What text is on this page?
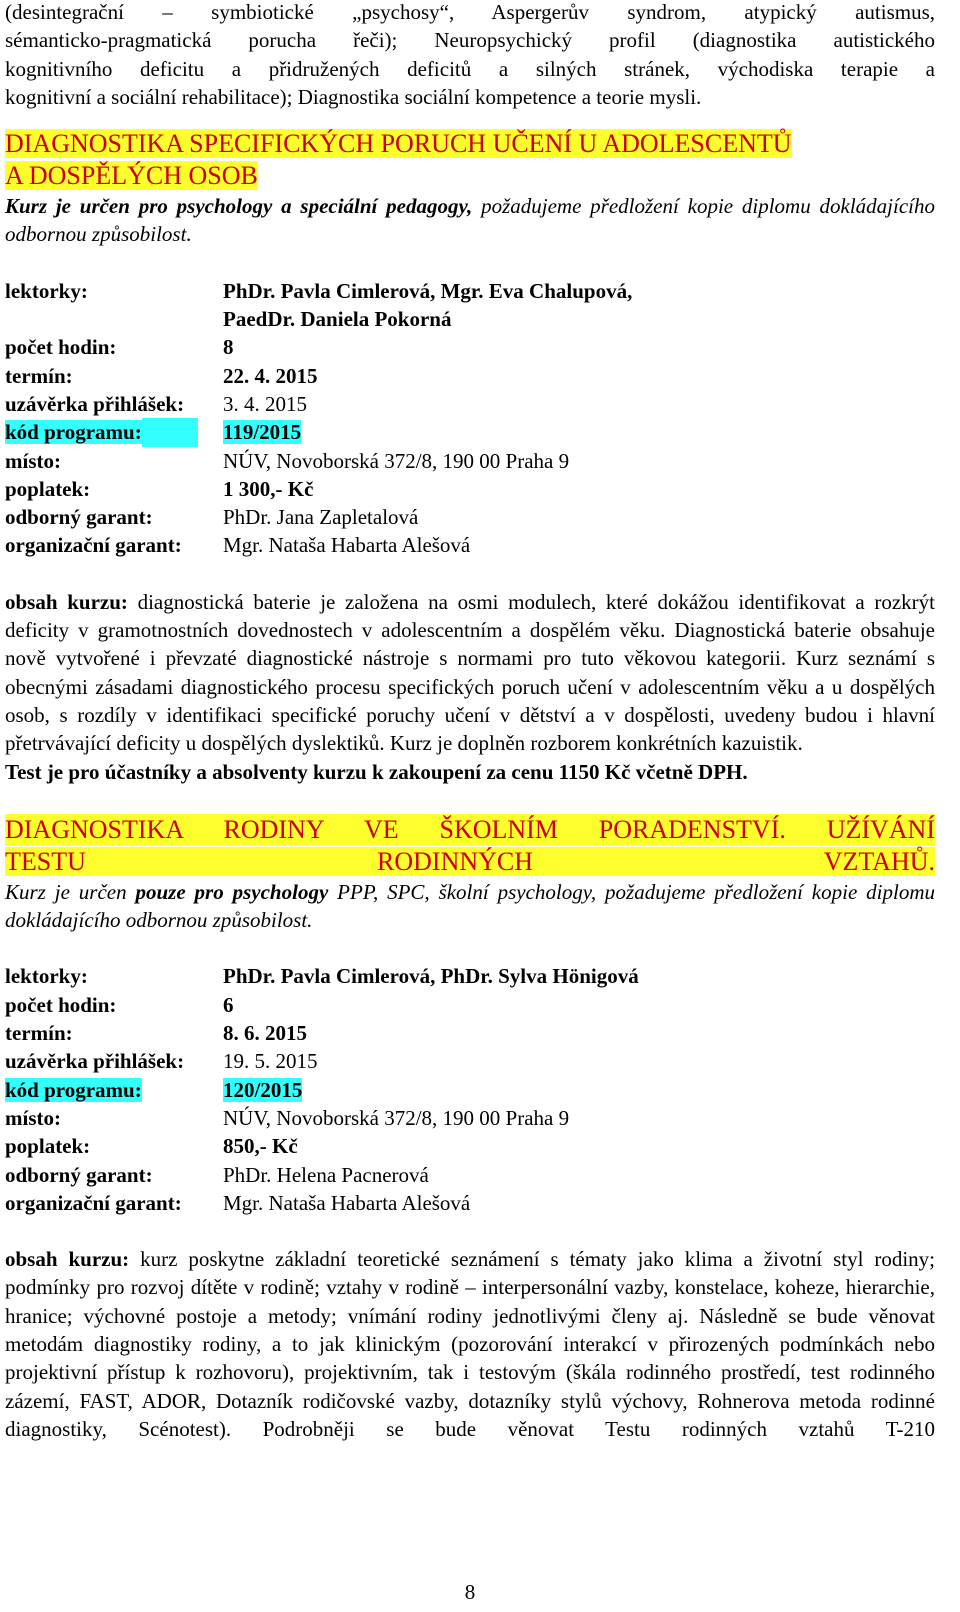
(desintegrační – symbiotické „psychosy“, Aspergerův syndrom, atypický autismus,

sémanticko-pragmatická porucha řeči); Neuropsychický profil (diagnostika autistického

kognitivního deficitu a přidružených deficitů a silných stránek, východiska terapie a

kognitivní a sociální rehabilitace); Diagnostika sociální kompetence a teorie mysli.

DIAGNOSTIKA SPECIFICKÝCH PORUCH UČENÍ U ADOLESCENTŮ
A DOSPĚLÝCH OSOB

Kurz je určen pro psychology a speciální pedagogy, požadujeme předložení kopie diplomu dokládajícího odbornou způsobilost.

lektorky:	PhDr. Pavla Cimlerová, Mgr. Eva Chalupová,
PaedDr. Daniela Pokorná
počet hodin:	8
termín:	22. 4. 2015
uzávěrka přihlášek:	3. 4. 2015
kód programu:	119/2015
místo:	NÚV, Novoborská 372/8, 190 00 Praha 9
poplatek:	1 300,- Kč
odborný garant:	PhDr. Jana Zapletalová
organizační garant:	Mgr. Nataša Habarta Alešová

obsah kurzu: diagnostická baterie je založena na osmi modulech, které dokážou identifikovat a rozkrýt deficity v gramotnostních dovednostech v adolescentním a dospělém věku. Diagnostická baterie obsahuje nově vytvořené i převzaté diagnostické nástroje s normami pro tuto věkovou kategorii. Kurz seznámí s obecnými zásadami diagnostického procesu specifických poruch učení v adolescentním věku a u dospělých osob, s rozdíly v identifikaci specifické poruchy učení v dětství a v dospělosti, uvedeny budou i hlavní přetrvávající deficity u dospělých dyslektiků. Kurz je doplněn rozborem konkrétních kazuistik.

Test je pro účastníky a absolventy kurzu k zakoupení za cenu 1150 Kč včetně DPH.

DIAGNOSTIKA RODINY VE ŠKOLNÍM PORADENSTVÍ. UŽÍVÁNÍ
TESTU RODINNÝCH VZTAHŮ.

Kurz je určen pouze pro psychology PPP, SPC, školní psychology, požadujeme předložení kopie diplomu dokládajícího odbornou způsobilost.

lektorky:	PhDr. Pavla Cimlerová, PhDr. Sylva Hönigová
počet hodin:	6
termín:	8. 6. 2015
uzávěrka přihlášek:	19. 5. 2015
kód programu:	120/2015
místo:	NÚV, Novoborská 372/8, 190 00 Praha 9
poplatek:	850,- Kč
odborný garant:	PhDr. Helena Pacnerová
organizační garant:	Mgr. Nataša Habarta Alešová

obsah kurzu: kurz poskytne základní teoretické seznámení s tématy jako klima a životní styl rodiny; podmínky pro rozvoj dítěte v rodině; vztahy v rodině – interpersonální vazby, konstelace, koheze, hierarchie, hranice; výchovné postoje a metody; vnímání rodiny jednotlivými členy aj. Následně se bude věnovat metodám diagnostiky rodiny, a to jak klinickým (pozorování interakcí v přirozených podmínkách nebo projektivní přístup k rozhovoru), projektivním, tak i testovým (škála rodinného prostředí, test rodinného zázemí, FAST, ADOR, Dotazník rodičovské vazby, dotazníky stylů výchovy, Rohnerova metoda rodinné diagnostiky, Scénotest). Podrobněji se bude věnovat Testu rodinných vztahů T-210

8
